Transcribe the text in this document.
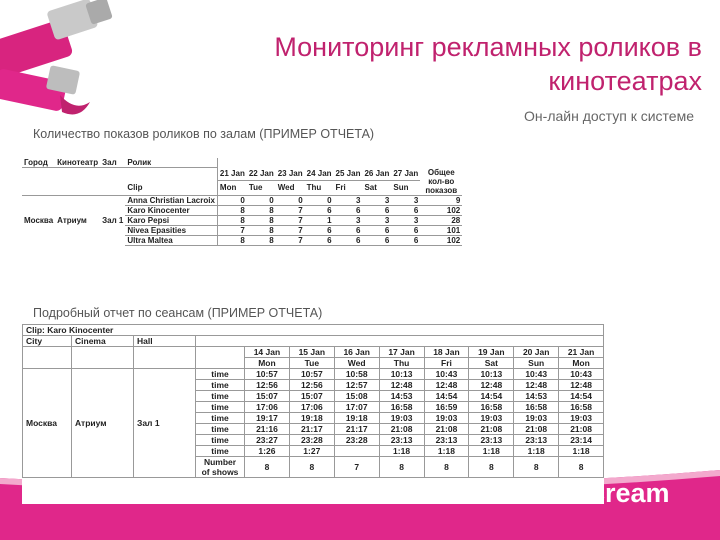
Мониторинг рекламных роликов в кинотеатрах
Он-лайн доступ к системе
Количество показов роликов по залам (ПРИМЕР ОТЧЕТА)
Город	Кинотеатр	Зал	Ролик								
				21 Jan	22 Jan	23 Jan	24 Jan	25 Jan	26 Jan	27 Jan	Общее кол-во показов
			Clip	Mon	Tue	Wed	Thu	Fri	Sat	Sun	
Москва	Атриум	Зал 1	Anna Christian Lacroix	0	0	0	0	3	3	3	9
			Karo Kinocenter	8	8	7	6	6	6	6	102
			Karo Pepsi	8	8	7	1	3	3	3	28
			Nivea Epasities	7	8	7	6	6	6	6	101
			Ultra Maltea	8	8	7	6	6	6	6	102
Подробный отчет по сеансам (ПРИМЕР ОТЧЕТА)
Clip: Karo Kinocenter											
City	Cinema	Hall									
				14 Jan	15 Jan	16 Jan	17 Jan	18 Jan	19 Jan	20 Jan	21 Jan
				Mon	Tue	Wed	Thu	Fri	Sat	Sun	Mon
Москва	Атриум	Зал 1	time	10:57	10:57	10:58	10:13	10:43	10:13	10:43	10:43
			time	12:56	12:56	12:57	12:48	12:48	12:48	12:48	12:48
			time	15:07	15:07	15:08	14:53	14:54	14:54	14:53	14:54
			time	17:06	17:06	17:07	16:58	16:59	16:58	16:58	16:58
			time	19:17	19:18	19:18	19:03	19:03	19:03	19:03	19:03
			time	21:16	21:17	21:17	21:08	21:08	21:08	21:08	21:08
			time	23:27	23:28	23:28	23:13	23:13	23:13	23:13	23:14
			time	1:26	1:27		1:18	1:18	1:18	1:18	1:18
			Number of shows	8	8	7	8	8	8	8	8
cream
